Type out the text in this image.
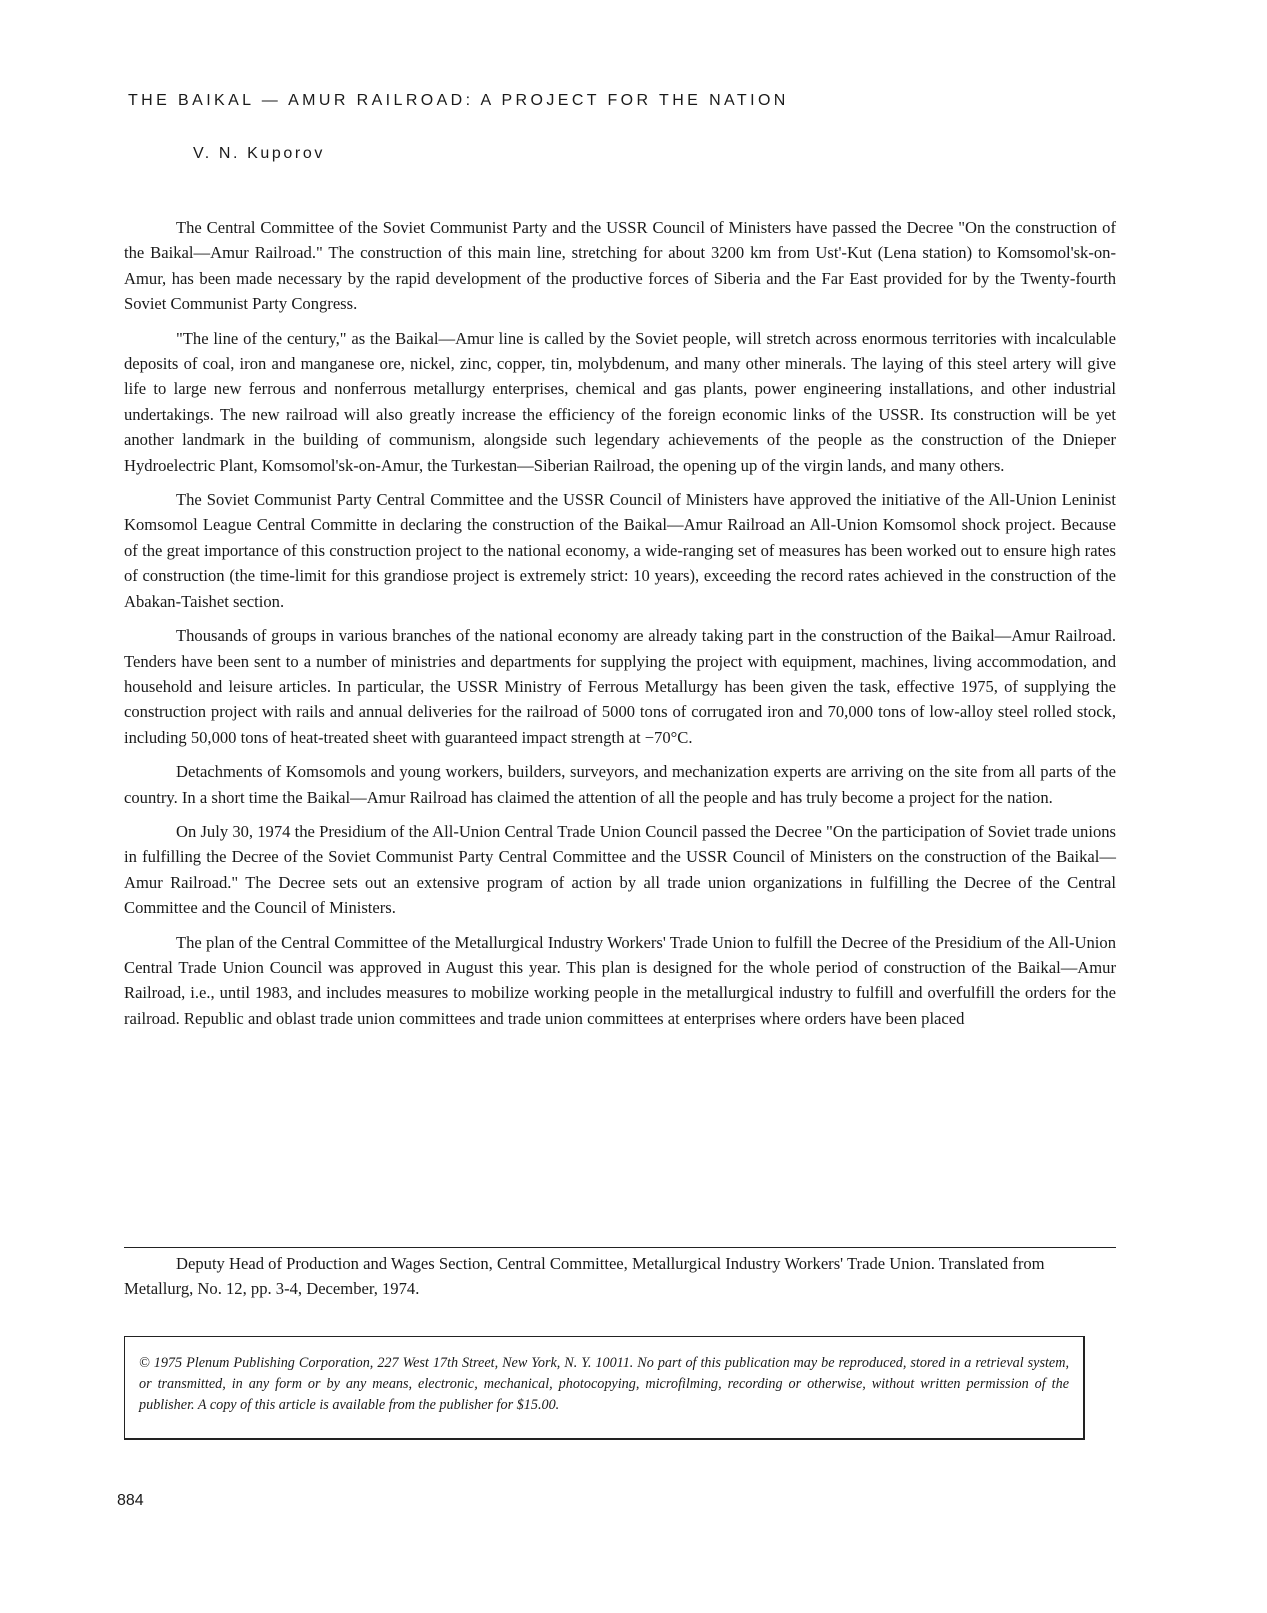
THE BAIKAL — AMUR RAILROAD: A PROJECT FOR THE NATION
V. N. Kuporov

The Central Committee of the Soviet Communist Party and the USSR Council of Ministers have passed the Decree "On the construction of the Baikal—Amur Railroad." The construction of this main line, stretching for about 3200 km from Ust'-Kut (Lena station) to Komsomol'sk-on-Amur, has been made necessary by the rapid development of the productive forces of Siberia and the Far East provided for by the Twenty-fourth Soviet Communist Party Congress.

"The line of the century," as the Baikal—Amur line is called by the Soviet people, will stretch across enormous territories with incalculable deposits of coal, iron and manganese ore, nickel, zinc, copper, tin, molybdenum, and many other minerals. The laying of this steel artery will give life to large new ferrous and nonferrous metallurgy enterprises, chemical and gas plants, power engineering installations, and other industrial undertakings. The new railroad will also greatly increase the efficiency of the foreign economic links of the USSR. Its construction will be yet another landmark in the building of communism, alongside such legendary achievements of the people as the construction of the Dnieper Hydroelectric Plant, Komsomol'sk-on-Amur, the Turkestan—Siberian Railroad, the opening up of the virgin lands, and many others.

The Soviet Communist Party Central Committee and the USSR Council of Ministers have approved the initiative of the All-Union Leninist Komsomol League Central Committe in declaring the construction of the Baikal—Amur Railroad an All-Union Komsomol shock project. Because of the great importance of this construction project to the national economy, a wide-ranging set of measures has been worked out to ensure high rates of construction (the time-limit for this grandiose project is extremely strict: 10 years), exceeding the record rates achieved in the construction of the Abakan-Taishet section.

Thousands of groups in various branches of the national economy are already taking part in the construction of the Baikal—Amur Railroad. Tenders have been sent to a number of ministries and departments for supplying the project with equipment, machines, living accommodation, and household and leisure articles. In particular, the USSR Ministry of Ferrous Metallurgy has been given the task, effective 1975, of supplying the construction project with rails and annual deliveries for the railroad of 5000 tons of corrugated iron and 70,000 tons of low-alloy steel rolled stock, including 50,000 tons of heat-treated sheet with guaranteed impact strength at −70°C.

Detachments of Komsomols and young workers, builders, surveyors, and mechanization experts are arriving on the site from all parts of the country. In a short time the Baikal—Amur Railroad has claimed the attention of all the people and has truly become a project for the nation.

On July 30, 1974 the Presidium of the All-Union Central Trade Union Council passed the Decree "On the participation of Soviet trade unions in fulfilling the Decree of the Soviet Communist Party Central Committee and the USSR Council of Ministers on the construction of the Baikal—Amur Railroad." The Decree sets out an extensive program of action by all trade union organizations in fulfilling the Decree of the Central Committee and the Council of Ministers.

The plan of the Central Committee of the Metallurgical Industry Workers' Trade Union to fulfill the Decree of the Presidium of the All-Union Central Trade Union Council was approved in August this year. This plan is designed for the whole period of construction of the Baikal—Amur Railroad, i.e., until 1983, and includes measures to mobilize working people in the metallurgical industry to fulfill and overfulfill the orders for the railroad. Republic and oblast trade union committees and trade union committees at enterprises where orders have been placed

Deputy Head of Production and Wages Section, Central Committee, Metallurgical Industry Workers' Trade Union. Translated from Metallurg, No. 12, pp. 3-4, December, 1974.

© 1975 Plenum Publishing Corporation, 227 West 17th Street, New York, N. Y. 10011. No part of this publication may be reproduced, stored in a retrieval system, or transmitted, in any form or by any means, electronic, mechanical, photocopying, microfilming, recording or otherwise, without written permission of the publisher. A copy of this article is available from the publisher for $15.00.

884
